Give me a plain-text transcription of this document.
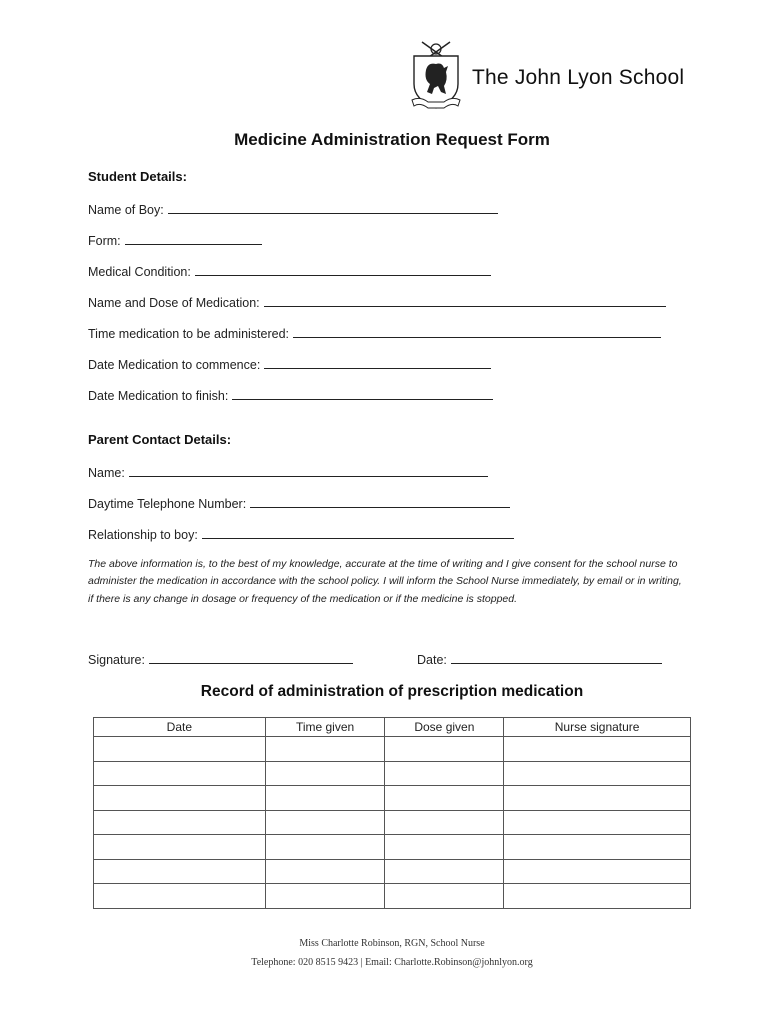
The John Lyon School
Medicine Administration Request Form
Student Details:
Name of Boy:
Form:
Medical Condition:
Name and Dose of Medication:
Time medication to be administered:
Date Medication to commence:
Date Medication to finish:
Parent Contact Details:
Name:
Daytime Telephone Number:
Relationship to boy:
The above information is, to the best of my knowledge, accurate at the time of writing and I give consent for the school nurse to administer the medication in accordance with the school policy. I will inform the School Nurse immediately, by email or in writing, if there is any change in dosage or frequency of the medication or if the medicine is stopped.
Signature:	Date:
Record of administration of prescription medication
Date	Time given	Dose given	Nurse signature

Miss Charlotte Robinson, RGN, School Nurse
Telephone: 020 8515 9423 | Email: Charlotte.Robinson@johnlyon.org
